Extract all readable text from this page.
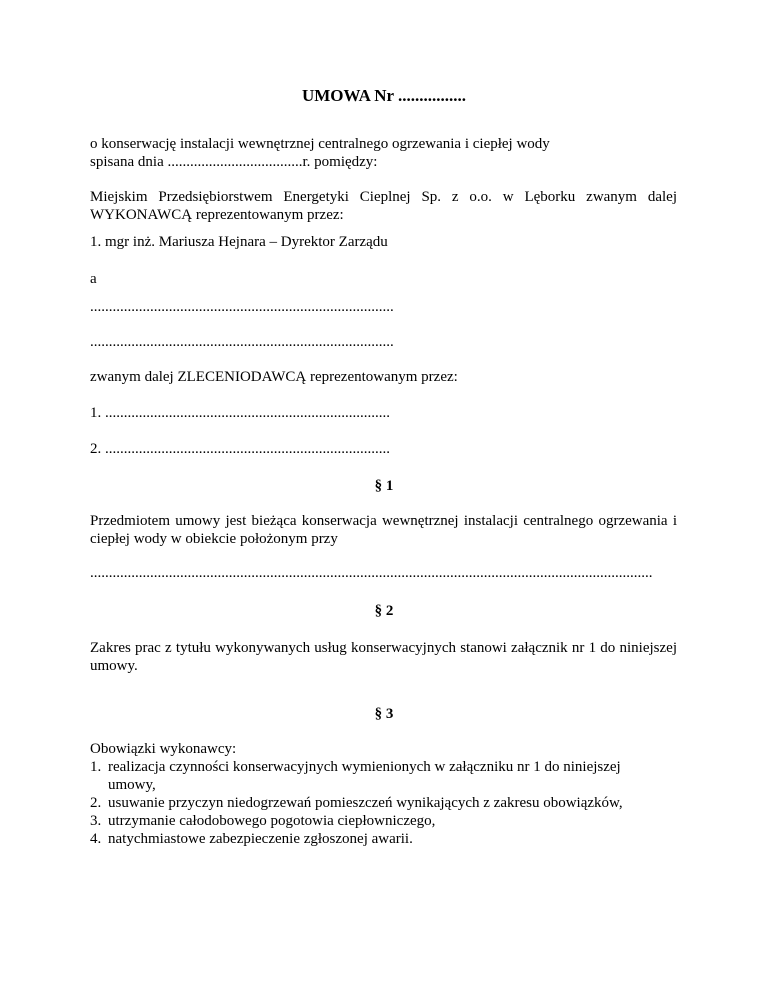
UMOWA Nr ................
o konserwację instalacji wewnętrznej centralnego ogrzewania i ciepłej wody
spisana dnia ....................................r. pomiędzy:
Miejskim Przedsiębiorstwem Energetyki Cieplnej Sp. z o.o. w Lęborku zwanym dalej WYKONAWCĄ reprezentowanym przez:
1. mgr inż. Mariusza Hejnara – Dyrektor Zarządu
a
.................................................................................
.................................................................................
zwanym dalej ZLECENIODAWCĄ reprezentowanym przez:
1. ............................................................................
2. ............................................................................
§ 1
Przedmiotem umowy jest bieżąca konserwacja wewnętrznej instalacji centralnego ogrzewania i ciepłej wody w obiekcie położonym przy
......................................................................................................................................................
§ 2
Zakres prac z tytułu wykonywanych usług konserwacyjnych stanowi załącznik nr 1 do niniejszej umowy.
§ 3
Obowiązki wykonawcy:
1. realizacja czynności konserwacyjnych wymienionych w załączniku nr 1 do niniejszej
umowy,
2. usuwanie przyczyn niedogrzewań pomieszczeń wynikających z zakresu obowiązków,
3. utrzymanie całodobowego pogotowia ciepłowniczego,
4. natychmiastowe zabezpieczenie zgłoszonej awarii.
